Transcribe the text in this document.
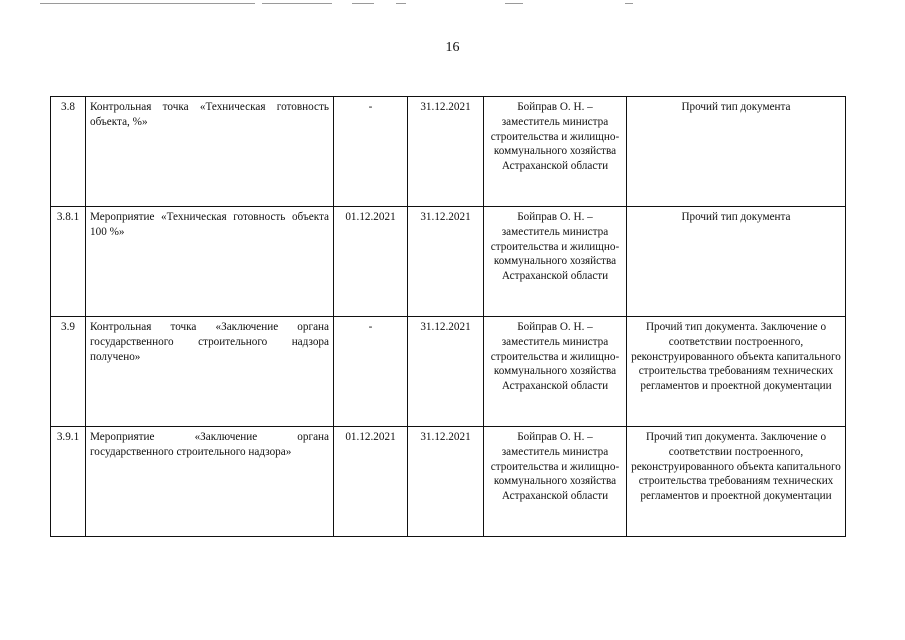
16
3.8	Контрольная точка «Техническая готовность объекта, %»	-	31.12.2021	Бойправ О. Н. – заместитель министра строительства и жилищно-коммунального хозяйства Астраханской области	Прочий тип документа
3.8.1	Мероприятие «Техническая готовность объекта 100 %»	01.12.2021	31.12.2021	Бойправ О. Н. – заместитель министра строительства и жилищно-коммунального хозяйства Астраханской области	Прочий тип документа
3.9	Контрольная точка «Заключение органа государственного строительного надзора получено»	-	31.12.2021	Бойправ О. Н. – заместитель министра строительства и жилищно-коммунального хозяйства Астраханской области	Прочий тип документа. Заключение о соответствии построенного, реконструированного объекта капитального строительства требованиям технических регламентов и проектной документации
3.9.1	Мероприятие «Заключение органа государственного строительного надзора»	01.12.2021	31.12.2021	Бойправ О. Н. – заместитель министра строительства и жилищно-коммунального хозяйства Астраханской области	Прочий тип документа. Заключение о соответствии построенного, реконструированного объекта капитального строительства требованиям технических регламентов и проектной документации
